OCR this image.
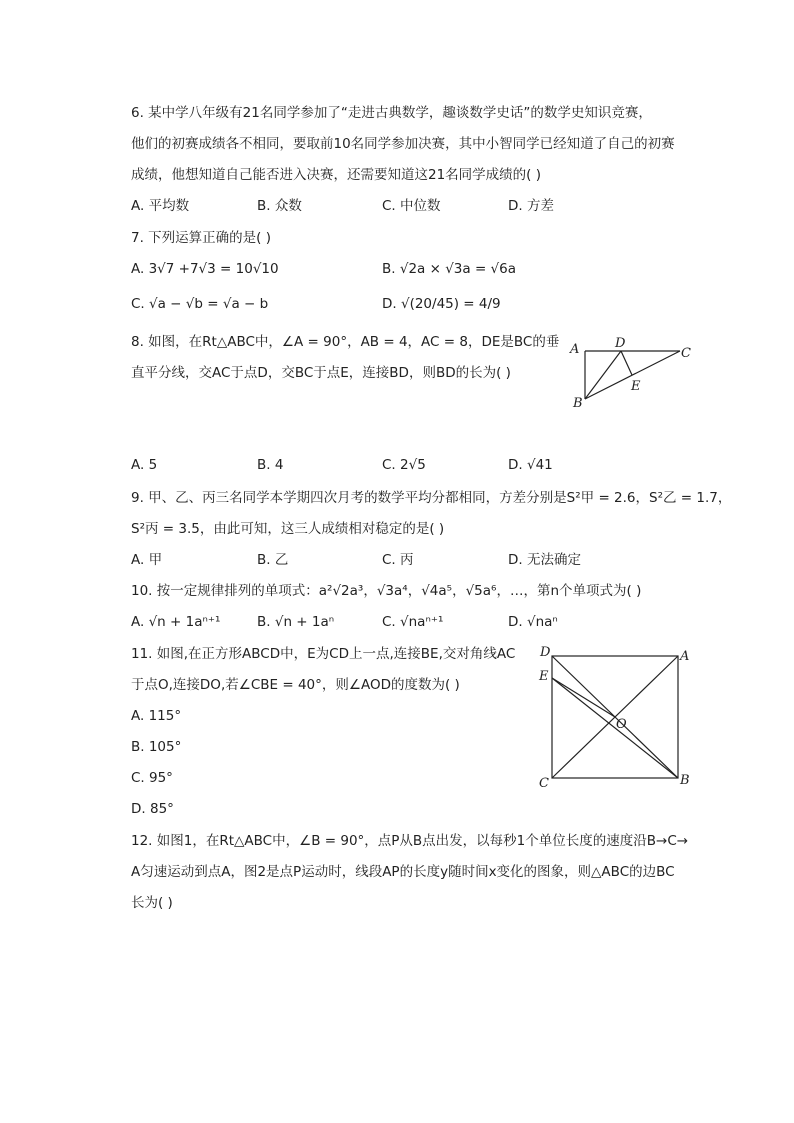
6. 某中学八年级有21名同学参加了“走进古典数学，趣谈数学史话”的数学史知识竞赛，
他们的初赛成绩各不相同，要取前10名同学参加决赛，其中小智同学已经知道了自己的初赛
成绩，他想知道自己能否进入决赛，还需要知道这21名同学成绩的( )
A. 平均数	B. 众数	C. 中位数	D. 方差
7. 下列运算正确的是( )
A. 3√7 +7√3 = 10√10	B. √2a × √3a = √6a
C. √a − √b = √a − b	D. √(20/45) = 4/9
8. 如图，在Rt△ABC中，∠A = 90°，AB = 4，AC = 8，DE是BC的垂
直平分线，交AC于点D，交BC于点E，连接BD，则BD的长为( )
A	D
C
E
B
A. 5	B. 4	C. 2√5	D. √41
9. 甲、乙、丙三名同学本学期四次月考的数学平均分都相同，方差分别是S²甲 = 2.6，S²乙 = 1.7，
S²丙 = 3.5，由此可知，这三人成绩相对稳定的是( )
A. 甲	B. 乙	C. 丙	D. 无法确定
10. 按一定规律排列的单项式：a²√2a³，√3a⁴，√4a⁵，√5a⁶，…，第n个单项式为( )
A. √n + 1aⁿ⁺¹	B. √n + 1aⁿ	C. √naⁿ⁺¹	D. √naⁿ
11. 如图,在正方形ABCD中，E为CD上一点,连接BE,交对角线AC
于点O,连接DO,若∠CBE = 40°，则∠AOD的度数为( )
A. 115°
B. 105°
C. 95°
D. 85°
D	A
E
O
C	B
12. 如图1，在Rt△ABC中，∠B = 90°，点P从B点出发，以每秒1个单位长度的速度沿B→C→
A匀速运动到点A，图2是点P运动时，线段AP的长度y随时间x变化的图象，则△ABC的边BC
长为( )
